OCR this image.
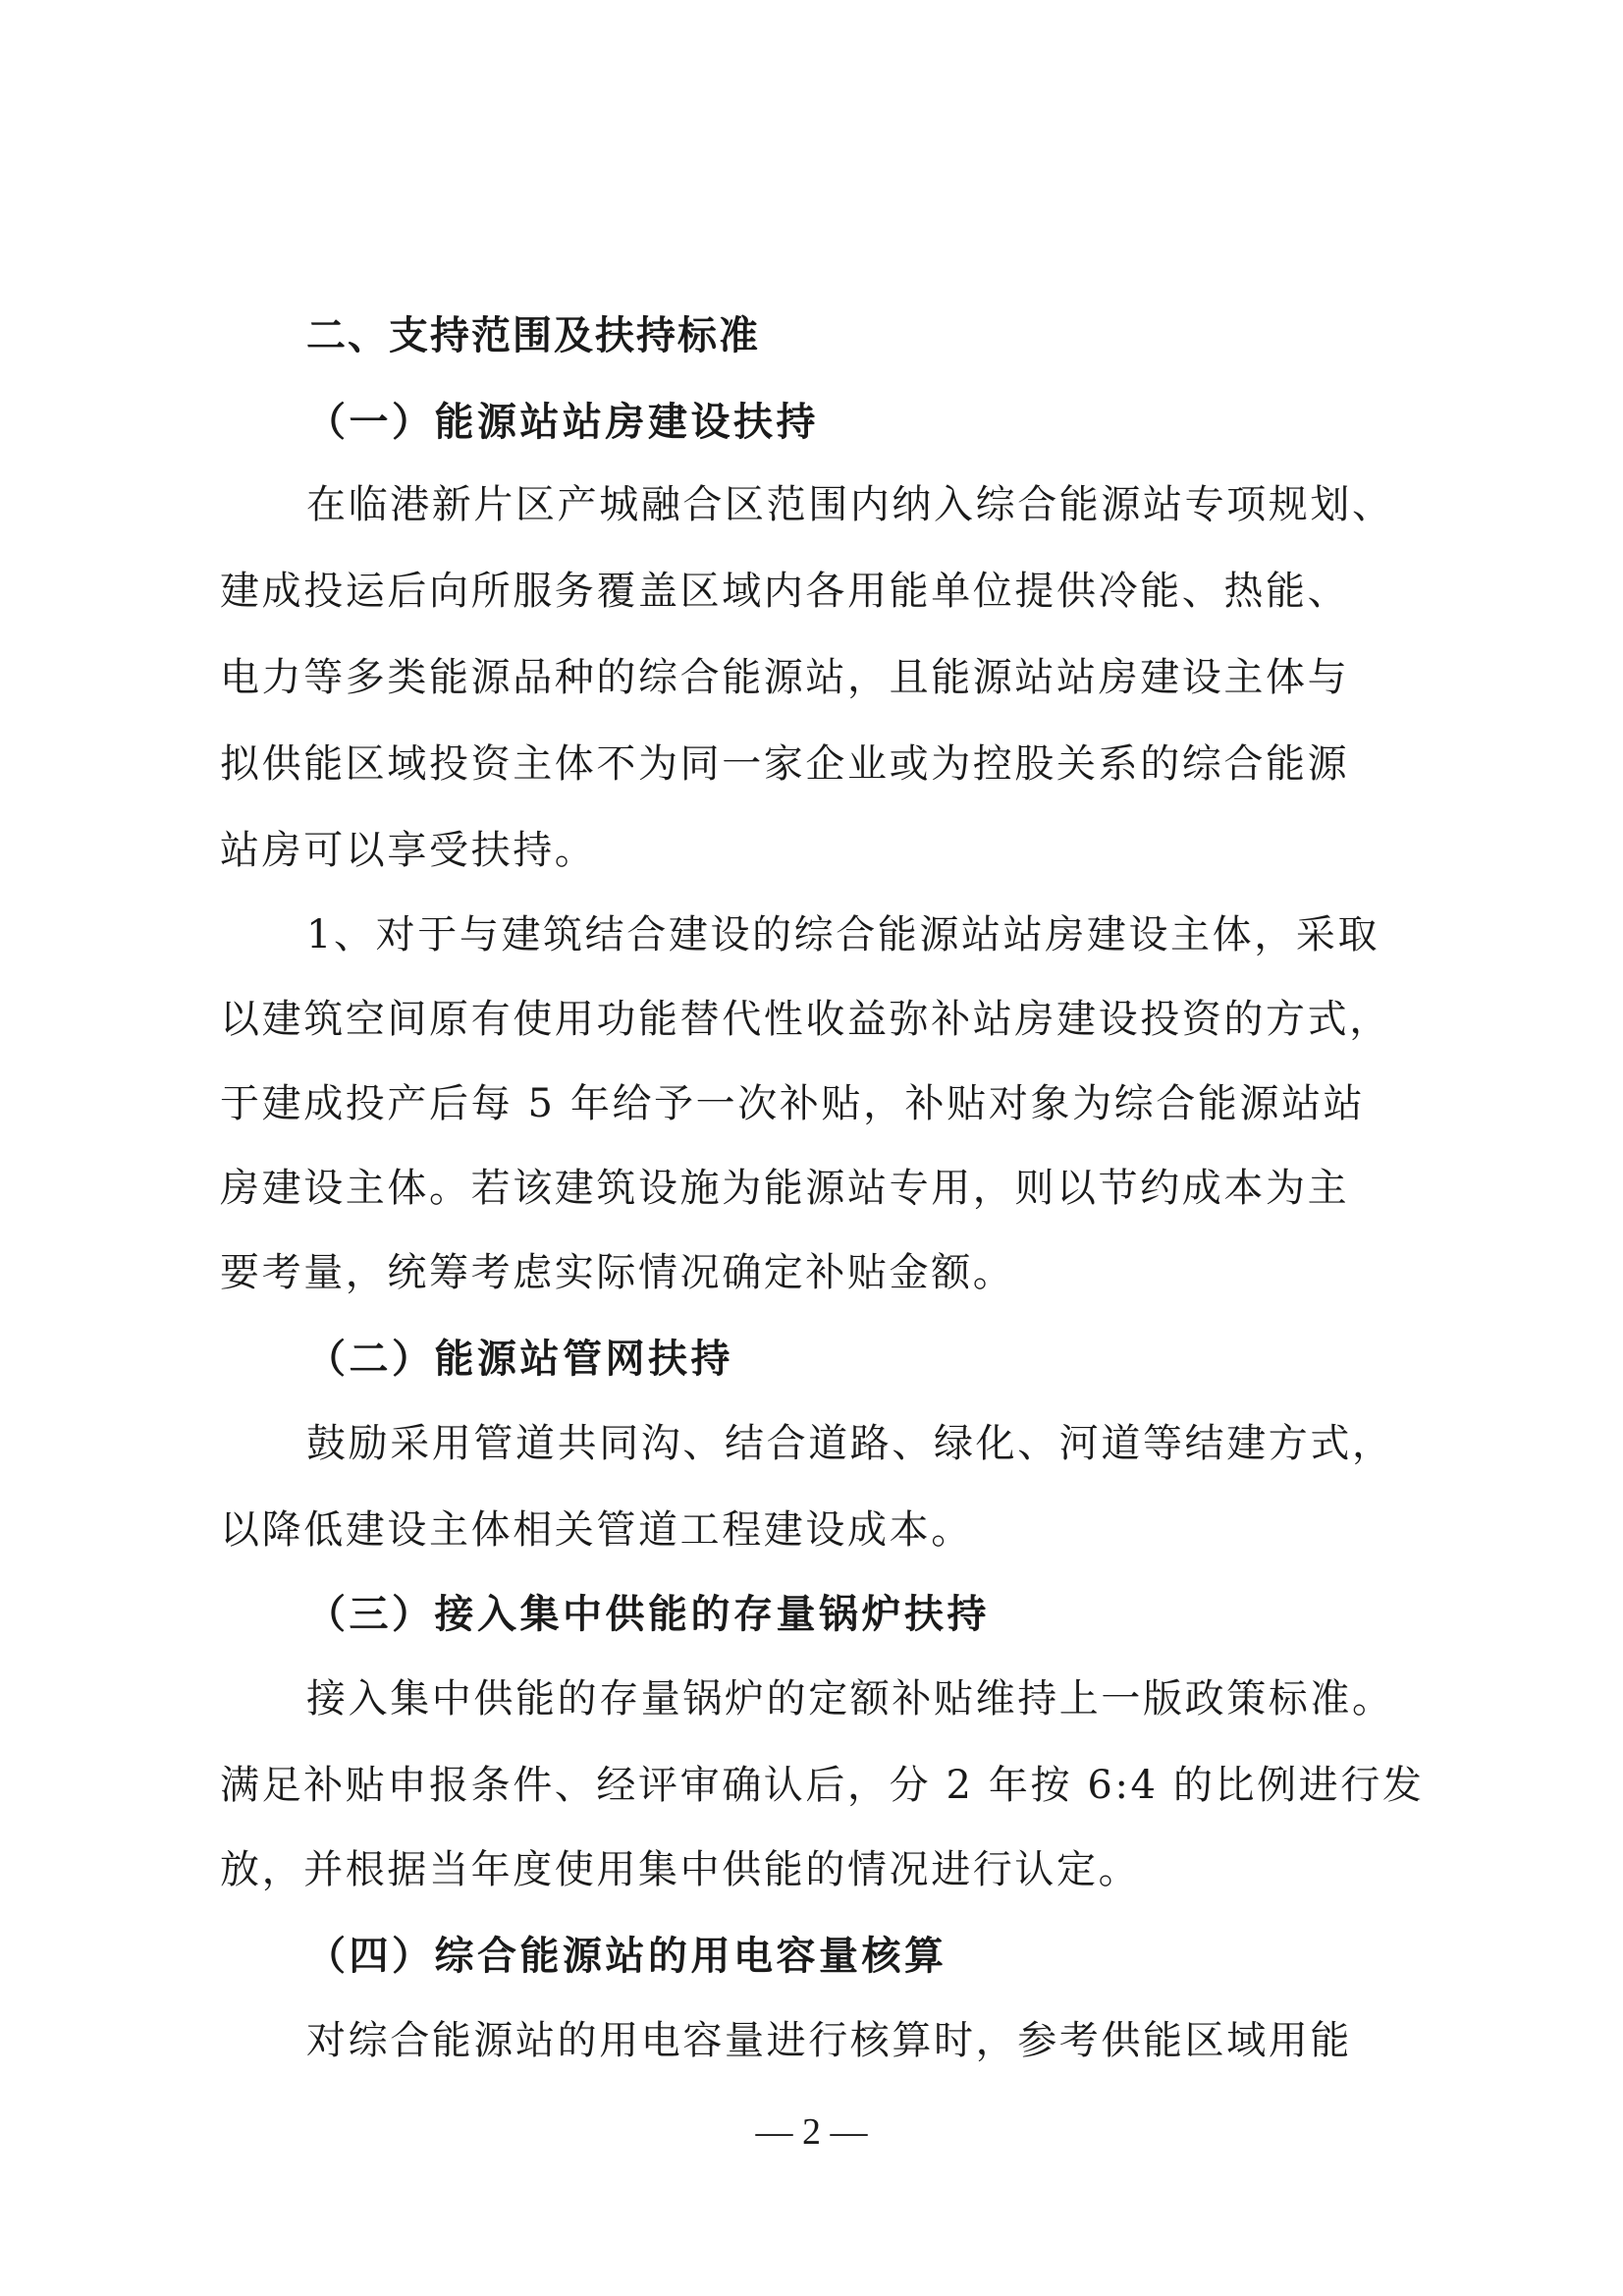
二、支持范围及扶持标准
（一）能源站站房建设扶持
在临港新片区产城融合区范围内纳入综合能源站专项规划、
建成投运后向所服务覆盖区域内各用能单位提供冷能、热能、
电力等多类能源品种的综合能源站，且能源站站房建设主体与
拟供能区域投资主体不为同一家企业或为控股关系的综合能源
站房可以享受扶持。
1、对于与建筑结合建设的综合能源站站房建设主体，采取
以建筑空间原有使用功能替代性收益弥补站房建设投资的方式，
于建成投产后每 5 年给予一次补贴，补贴对象为综合能源站站
房建设主体。若该建筑设施为能源站专用，则以节约成本为主
要考量，统筹考虑实际情况确定补贴金额。
（二）能源站管网扶持
鼓励采用管道共同沟、结合道路、绿化、河道等结建方式，
以降低建设主体相关管道工程建设成本。
（三）接入集中供能的存量锅炉扶持
接入集中供能的存量锅炉的定额补贴维持上一版政策标准。
满足补贴申报条件、经评审确认后，分 2 年按 6:4 的比例进行发
放，并根据当年度使用集中供能的情况进行认定。
（四）综合能源站的用电容量核算
对综合能源站的用电容量进行核算时，参考供能区域用能
— 2 —
